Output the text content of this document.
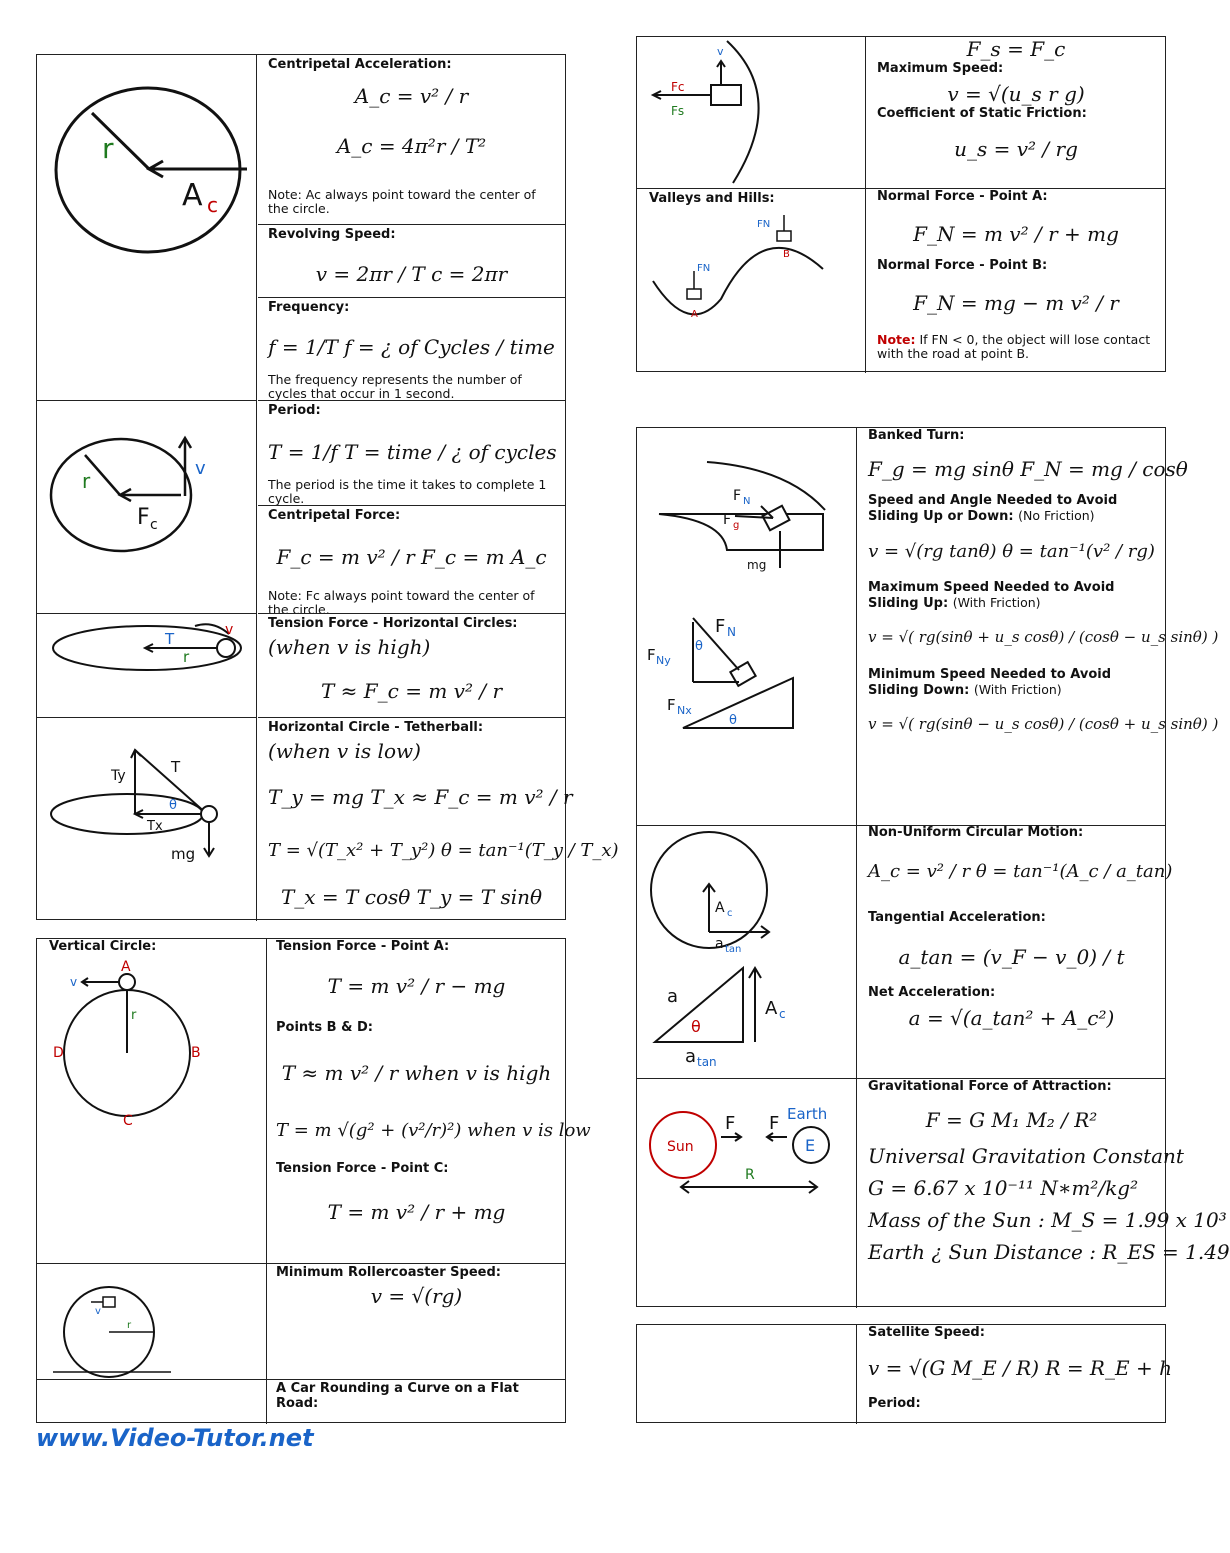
r
A c
r
v
F c
T
r
v
T
Ty
Tx
θ
mg
Centripetal Acceleration:
A_c = v² / r
A_c = 4π²r / T²
Note: Ac always point toward the center of the circle.
Revolving Speed:
v = 2πr / T c = 2πr
Frequency:
f = 1/T f = ¿ of Cycles / time
The frequency represents the number of cycles that occur in 1 second.
Period:
T = 1/f T = time / ¿ of cycles
The period is the time it takes to complete 1 cycle.
Centripetal Force:
F_c = m v² / r F_c = m A_c
Note: Fc always point toward the center of the circle.
Tension Force - Horizontal Circles:
(when v is high)
T ≈ F_c = m v² / r
Horizontal Circle - Tetherball:
(when v is low)
T_y = mg T_x ≈ F_c = m v² / r
T = √(T_x² + T_y²) θ = tan⁻¹(T_y / T_x)
T_x = T cosθ T_y = T sinθ
Vertical Circle:
A
v
r
D	B
C
Tension Force - Point A:
T = m v² / r − mg
Points B & D:
T ≈ m v² / r when v is high
T = m √(g² + (v²/r)²) when v is low
Tension Force - Point C:
T = m v² / r + mg
v
r
Minimum Rollercoaster Speed:
v = √(rg)
A Car Rounding a Curve on a Flat Road:
www.Video-Tutor.net
v
Fc
Fs
F_s = F_c
Maximum Speed:
v = √(u_s r g)
Coefficient of Static Friction:
u_s = v² / rg
Valleys and Hills:
FN
FN
A
B
Normal Force - Point A:
F_N = m v² / r + mg
Normal Force - Point B:
F_N = mg − m v² / r
Note: If FN < 0, the object will lose contact with the road at point B.
F N
F g
mg
F N
F Ny
F Nx
θ
θ
Banked Turn:
F_g = mg sinθ F_N = mg / cosθ
Speed and Angle Needed to Avoid Sliding Up or Down: (No Friction)
v = √(rg tanθ) θ = tan⁻¹(v² / rg)
Maximum Speed Needed to Avoid Sliding Up: (With Friction)
v = √( rg(sinθ + u_s cosθ) / (cosθ − u_s sinθ) )
Minimum Speed Needed to Avoid Sliding Down: (With Friction)
v = √( rg(sinθ − u_s cosθ) / (cosθ + u_s sinθ) )
A c
a tan
a
A c
θ
a tan
Non-Uniform Circular Motion:
A_c = v² / r θ = tan⁻¹(A_c / a_tan)
Tangential Acceleration:
a_tan = (v_F − v_0) / t
Net Acceleration:
a = √(a_tan² + A_c²)
Sun	E
Earth
F F
R
Gravitational Force of Attraction:
F = G M₁ M₂ / R²
Universal Gravitation Constant
G = 6.67 x 10⁻¹¹ N∗m²/kg²
Mass of the Sun : M_S = 1.99 x 10³
Earth ¿ Sun Distance : R_ES = 1.49
Satellite Speed:
v = √(G M_E / R) R = R_E + h
Period:
